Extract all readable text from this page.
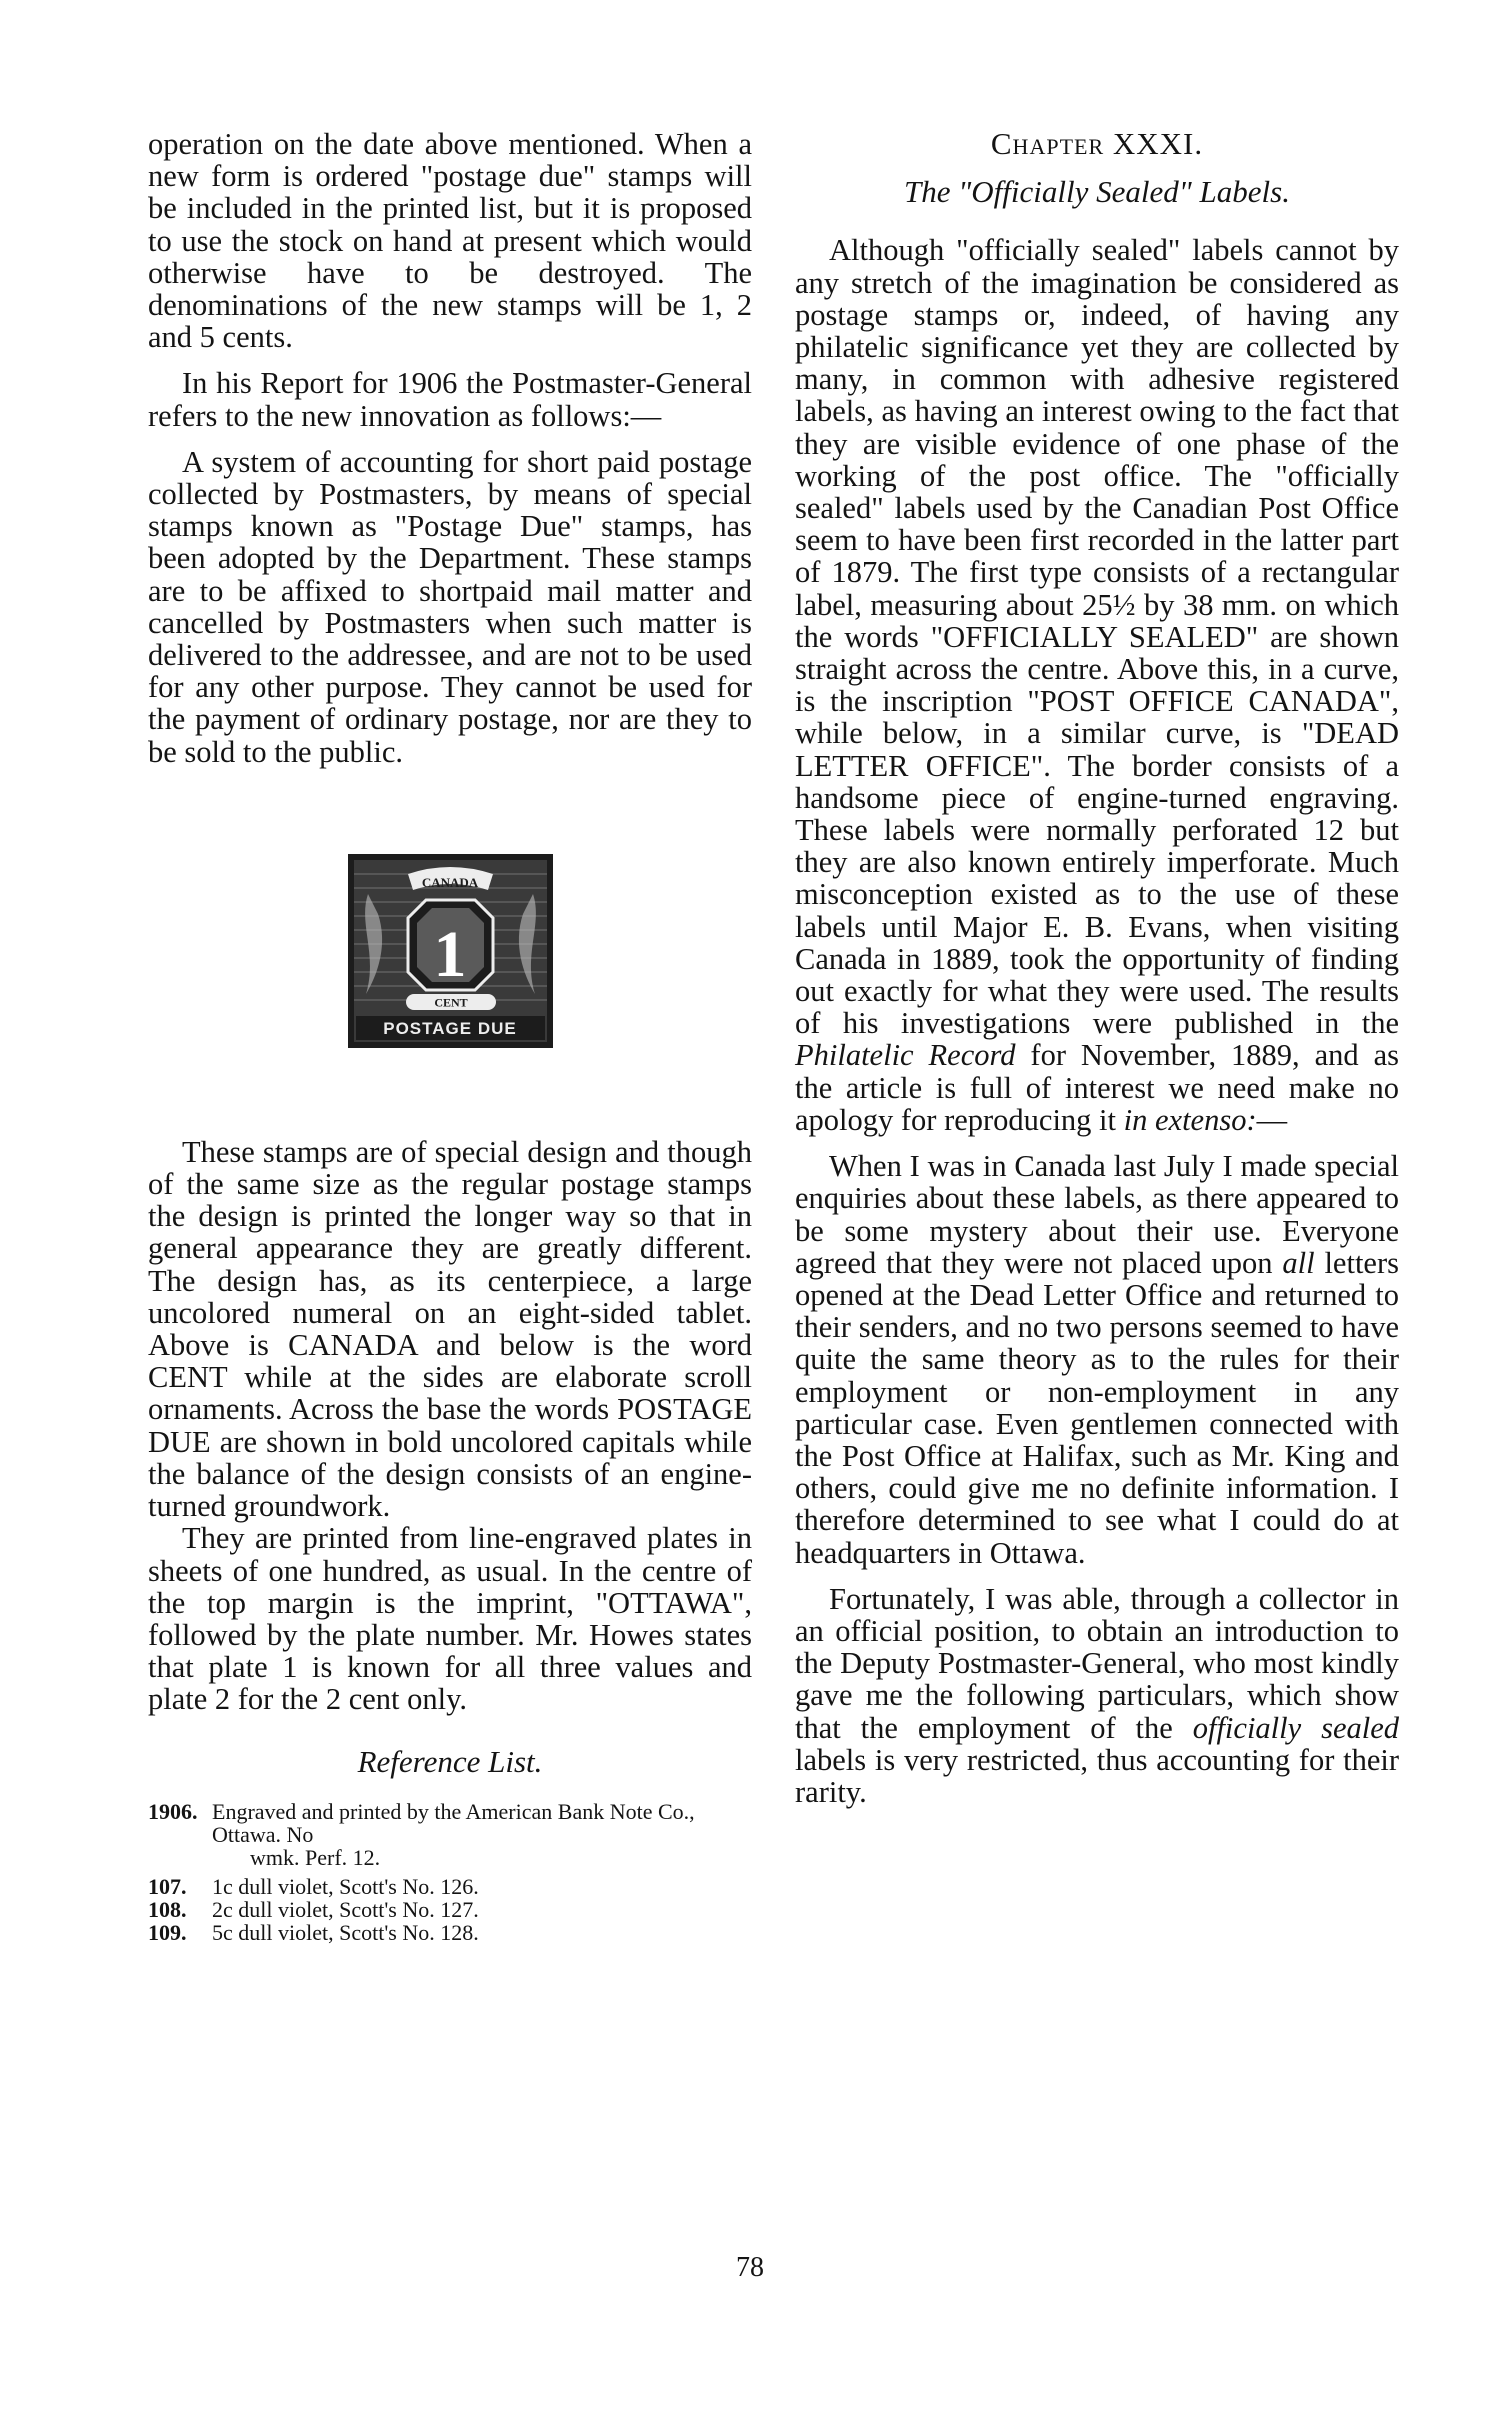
operation on the date above mentioned. When a new form is ordered "postage due" stamps will be included in the printed list, but it is proposed to use the stock on hand at present which would otherwise have to be destroyed. The denominations of the new stamps will be 1, 2 and 5 cents.

In his Report for 1906 the Postmaster-General refers to the new innovation as follows:—

A system of accounting for short paid postage collected by Postmasters, by means of special stamps known as "Postage Due" stamps, has been adopted by the Department. These stamps are to be affixed to shortpaid mail matter and cancelled by Postmasters when such matter is delivered to the addressee, and are not to be used for any other purpose. They cannot be used for the payment of ordinary postage, nor are they to be sold to the public.
CANADA
1
CENT
POSTAGE DUE

These stamps are of special design and though of the same size as the regular postage stamps the design is printed the longer way so that in general appearance they are greatly different. The design has, as its centerpiece, a large uncolored numeral on an eight-sided tablet. Above is CANADA and below is the word CENT while at the sides are elaborate scroll ornaments. Across the base the words POSTAGE DUE are shown in bold uncolored capitals while the balance of the design consists of an engine-turned groundwork.

They are printed from line-engraved plates in sheets of one hundred, as usual. In the centre of the top margin is the imprint, "OTTAWA", followed by the plate number. Mr. Howes states that plate 1 is known for all three values and plate 2 for the 2 cent only.

Reference List.
1906. Engraved and printed by the American Bank Note Co., Ottawa. No
wmk. Perf. 12.
107.	1c dull violet, Scott's No. 126.
108.	2c dull violet, Scott's No. 127.
109.	5c dull violet, Scott's No. 128.
Chapter XXXI.
The "Officially Sealed" Labels.

Although "officially sealed" labels cannot by any stretch of the imagination be considered as postage stamps or, indeed, of having any philatelic significance yet they are collected by many, in common with adhesive registered labels, as having an interest owing to the fact that they are visible evidence of one phase of the working of the post office. The "officially sealed" labels used by the Canadian Post Office seem to have been first recorded in the latter part of 1879. The first type consists of a rectangular label, measuring about 25½ by 38 mm. on which the words "OFFICIALLY SEALED" are shown straight across the centre. Above this, in a curve, is the inscription "POST OFFICE CANADA", while below, in a similar curve, is "DEAD LETTER OFFICE". The border consists of a handsome piece of engine-turned engraving. These labels were normally perforated 12 but they are also known entirely imperforate. Much misconception existed as to the use of these labels until Major E. B. Evans, when visiting Canada in 1889, took the opportunity of finding out exactly for what they were used. The results of his investigations were published in the Philatelic Record for November, 1889, and as the article is full of interest we need make no apology for reproducing it in extenso:—

When I was in Canada last July I made special enquiries about these labels, as there appeared to be some mystery about their use. Everyone agreed that they were not placed upon all letters opened at the Dead Letter Office and returned to their senders, and no two persons seemed to have quite the same theory as to the rules for their employment or non-employment in any particular case. Even gentlemen connected with the Post Office at Halifax, such as Mr. King and others, could give me no definite information. I therefore determined to see what I could do at headquarters in Ottawa.
Fortunately, I was able, through a collector in an official position, to obtain an introduction to the Deputy Postmaster-General, who most kindly gave me the following particulars, which show that the employment of the officially sealed labels is very restricted, thus accounting for their rarity.
78
